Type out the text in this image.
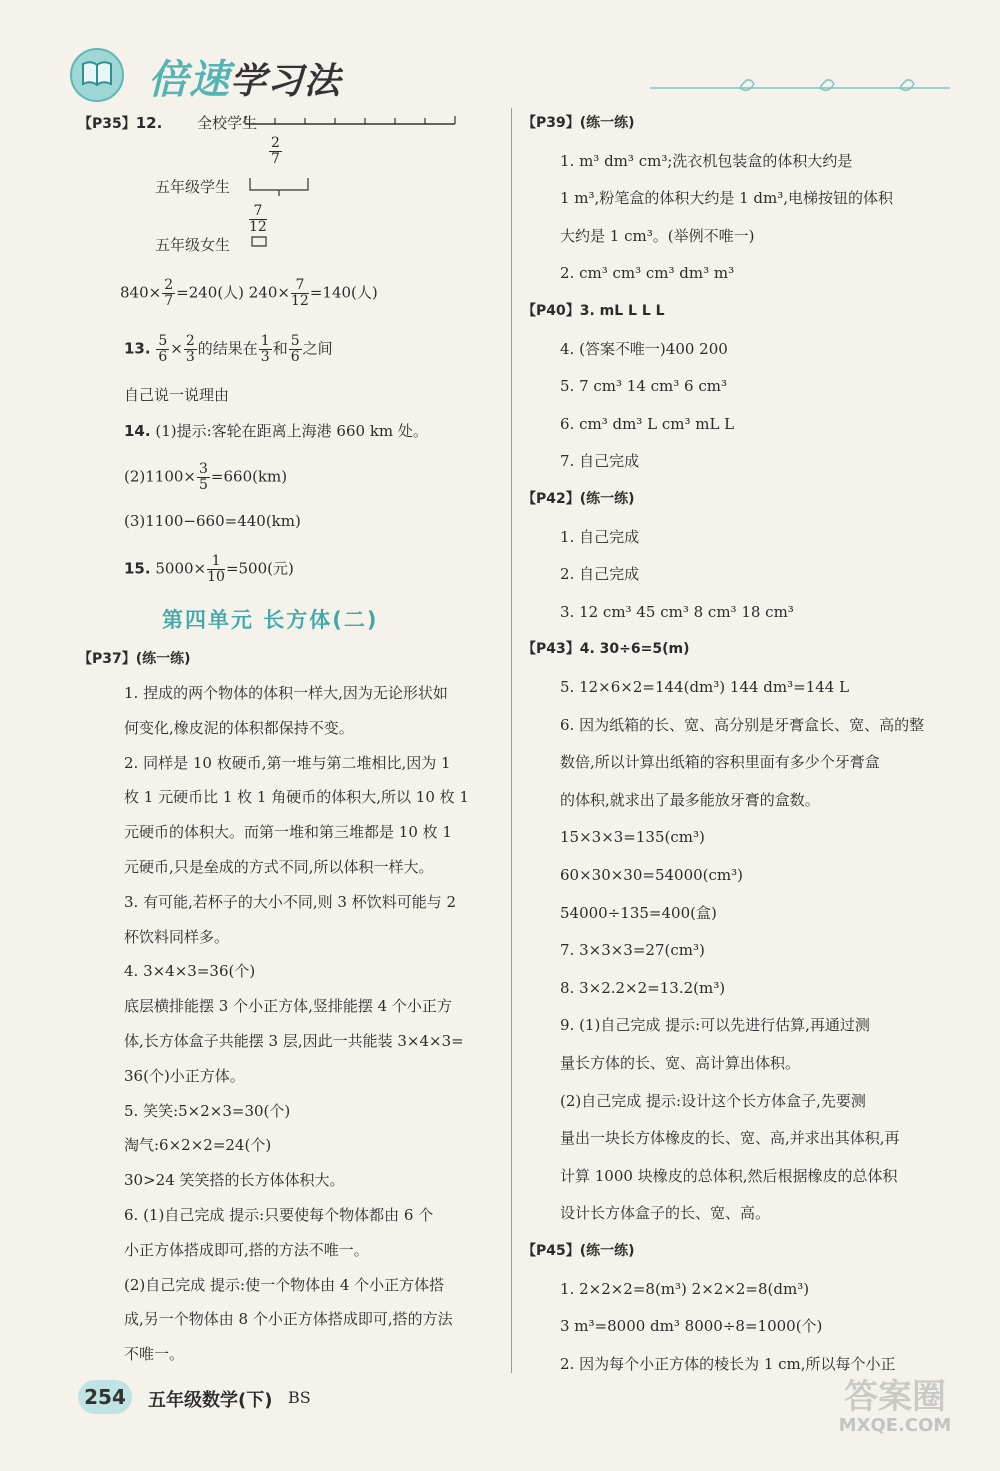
倍速学习法
【P35】12. 全校学生
$\frac{2}{7}$
五年级学生
$\frac{7}{12}$
五年级女生
$840\times \frac{2}{7} =240$(人) $240\times \frac{7}{12} =140$(人)
13. $\frac{5}{6} \times \frac{2}{3}$ 的结果在 $\frac{1}{3}$ 和 $\frac{5}{6}$ 之间
自己说一说理由
14. (1)提示:客轮在距离上海港 660 km 处。
$(2)1100\times \frac{3}{5} =660(km)$
(3)1100−660=440(km)
15. $5000\times \frac{1}{10} =500$(元)
第四单元 长方体(二)
【P37】(练一练)
1. 捏成的两个物体的体积一样大,因为无论形状如
何变化,橡皮泥的体积都保持不变。
2. 同样是 10 枚硬币,第一堆与第二堆相比,因为 1
枚 1 元硬币比 1 枚 1 角硬币的体积大,所以 10 枚 1
元硬币的体积大。而第一堆和第三堆都是 10 枚 1
元硬币,只是垒成的方式不同,所以体积一样大。
3. 有可能,若杯子的大小不同,则 3 杯饮料可能与 2
杯饮料同样多。
4. 3×4×3=36(个)
底层横排能摆 3 个小正方体,竖排能摆 4 个小正方
体,长方体盒子共能摆 3 层,因此一共能装 3×4×3=
36(个)小正方体。
5. 笑笑:5×2×3=30(个)
淘气:6×2×2=24(个)
30>24 笑笑搭的长方体体积大。
6. (1)自己完成 提示:只要使每个物体都由 6 个
小正方体搭成即可,搭的方法不唯一。
(2)自己完成 提示:使一个物体由 4 个小正方体搭
成,另一个物体由 8 个小正方体搭成即可,搭的方法
不唯一。
【P39】(练一练)
1. m³ dm³ cm³;洗衣机包装盒的体积大约是
1 m³,粉笔盒的体积大约是 1 dm³,电梯按钮的体积
大约是 1 cm³。(举例不唯一)
2. cm³ cm³ cm³ dm³ m³
【P40】3. mL L L L
4. (答案不唯一)400 200
5. 7 cm³ 14 cm³ 6 cm³
6. cm³ dm³ L cm³ mL L
7. 自己完成
【P42】(练一练)
1. 自己完成
2. 自己完成
3. 12 cm³ 45 cm³ 8 cm³ 18 cm³
【P43】4. 30÷6=5(m)
5. 12×6×2=144(dm³) 144 dm³=144 L
6. 因为纸箱的长、宽、高分别是牙膏盒长、宽、高的整
数倍,所以计算出纸箱的容积里面有多少个牙膏盒
的体积,就求出了最多能放牙膏的盒数。
15×3×3=135(cm³)
60×30×30=54000(cm³)
54000÷135=400(盒)
7. 3×3×3=27(cm³)
8. 3×2.2×2=13.2(m³)
9. (1)自己完成 提示:可以先进行估算,再通过测
量长方体的长、宽、高计算出体积。
(2)自己完成 提示:设计这个长方体盒子,先要测
量出一块长方体橡皮的长、宽、高,并求出其体积,再
计算 1000 块橡皮的总体积,然后根据橡皮的总体积
设计长方体盒子的长、宽、高。
【P45】(练一练)
1. 2×2×2=8(m³) 2×2×2=8(dm³)
3 m³=8000 dm³ 8000÷8=1000(个)
2. 因为每个小正方体的棱长为 1 cm,所以每个小正
254	五年级数学(下) BS	答案圈
MXQE.COM
